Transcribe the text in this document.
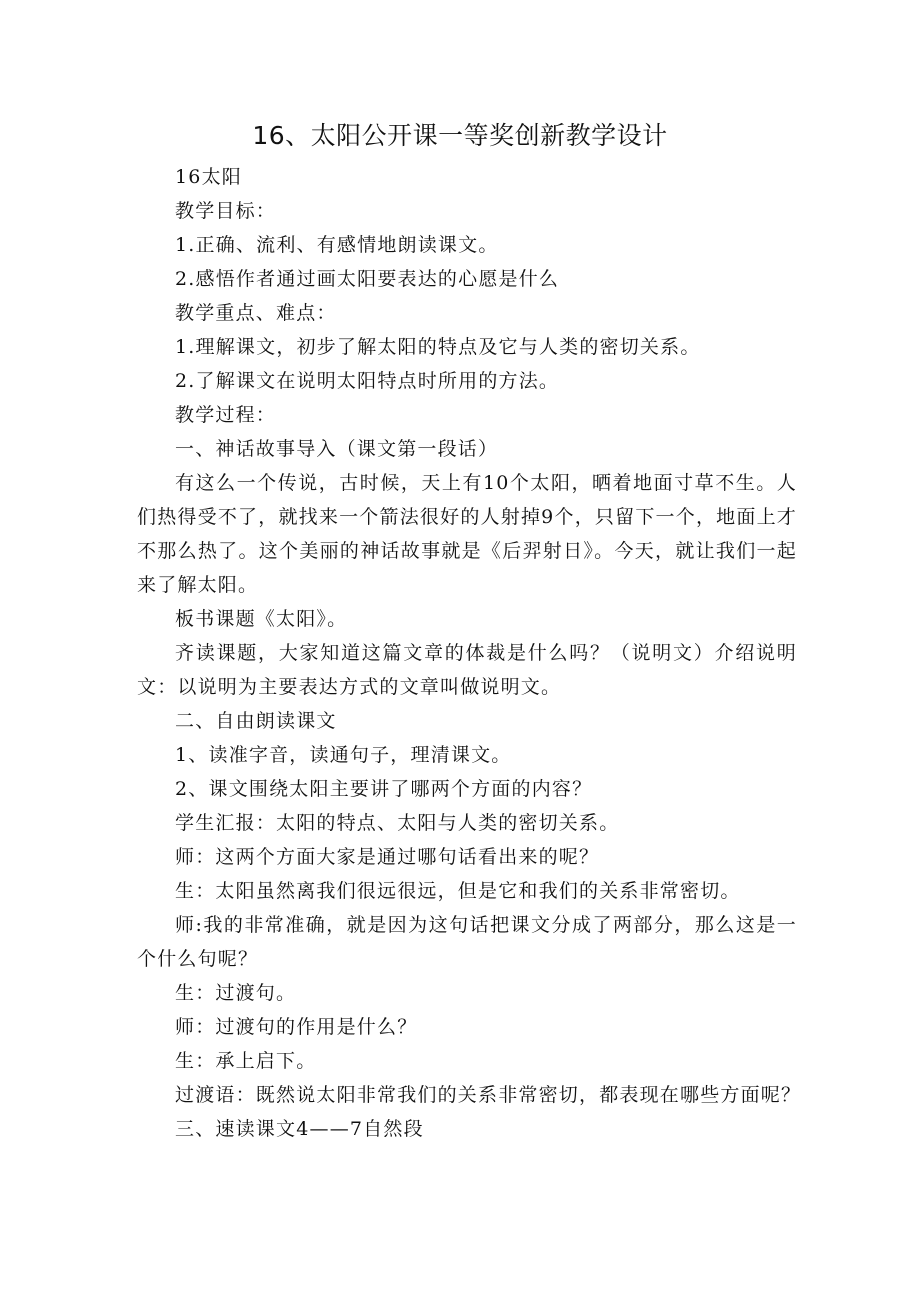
16、太阳公开课一等奖创新教学设计

16太阳

教学目标：

1.正确、流利、有感情地朗读课文。

2.感悟作者通过画太阳要表达的心愿是什么

教学重点、难点：

1.理解课文，初步了解太阳的特点及它与人类的密切关系。

2.了解课文在说明太阳特点时所用的方法。

教学过程：

一、神话故事导入（课文第一段话）

有这么一个传说，古时候，天上有10个太阳，晒着地面寸草不生。人们热得受不了，就找来一个箭法很好的人射掉9个，只留下一个，地面上才不那么热了。这个美丽的神话故事就是《后羿射日》。今天，就让我们一起来了解太阳。

板书课题《太阳》。

齐读课题，大家知道这篇文章的体裁是什么吗？（说明文）介绍说明文：以说明为主要表达方式的文章叫做说明文。

二、自由朗读课文

1、读准字音，读通句子，理清课文。

2、课文围绕太阳主要讲了哪两个方面的内容？

学生汇报：太阳的特点、太阳与人类的密切关系。

师：这两个方面大家是通过哪句话看出来的呢？

生：太阳虽然离我们很远很远，但是它和我们的关系非常密切。

师:我的非常准确，就是因为这句话把课文分成了两部分，那么这是一个什么句呢？

生：过渡句。

师：过渡句的作用是什么？

生：承上启下。

过渡语：既然说太阳非常我们的关系非常密切，都表现在哪些方面呢？

三、速读课文4——7自然段
